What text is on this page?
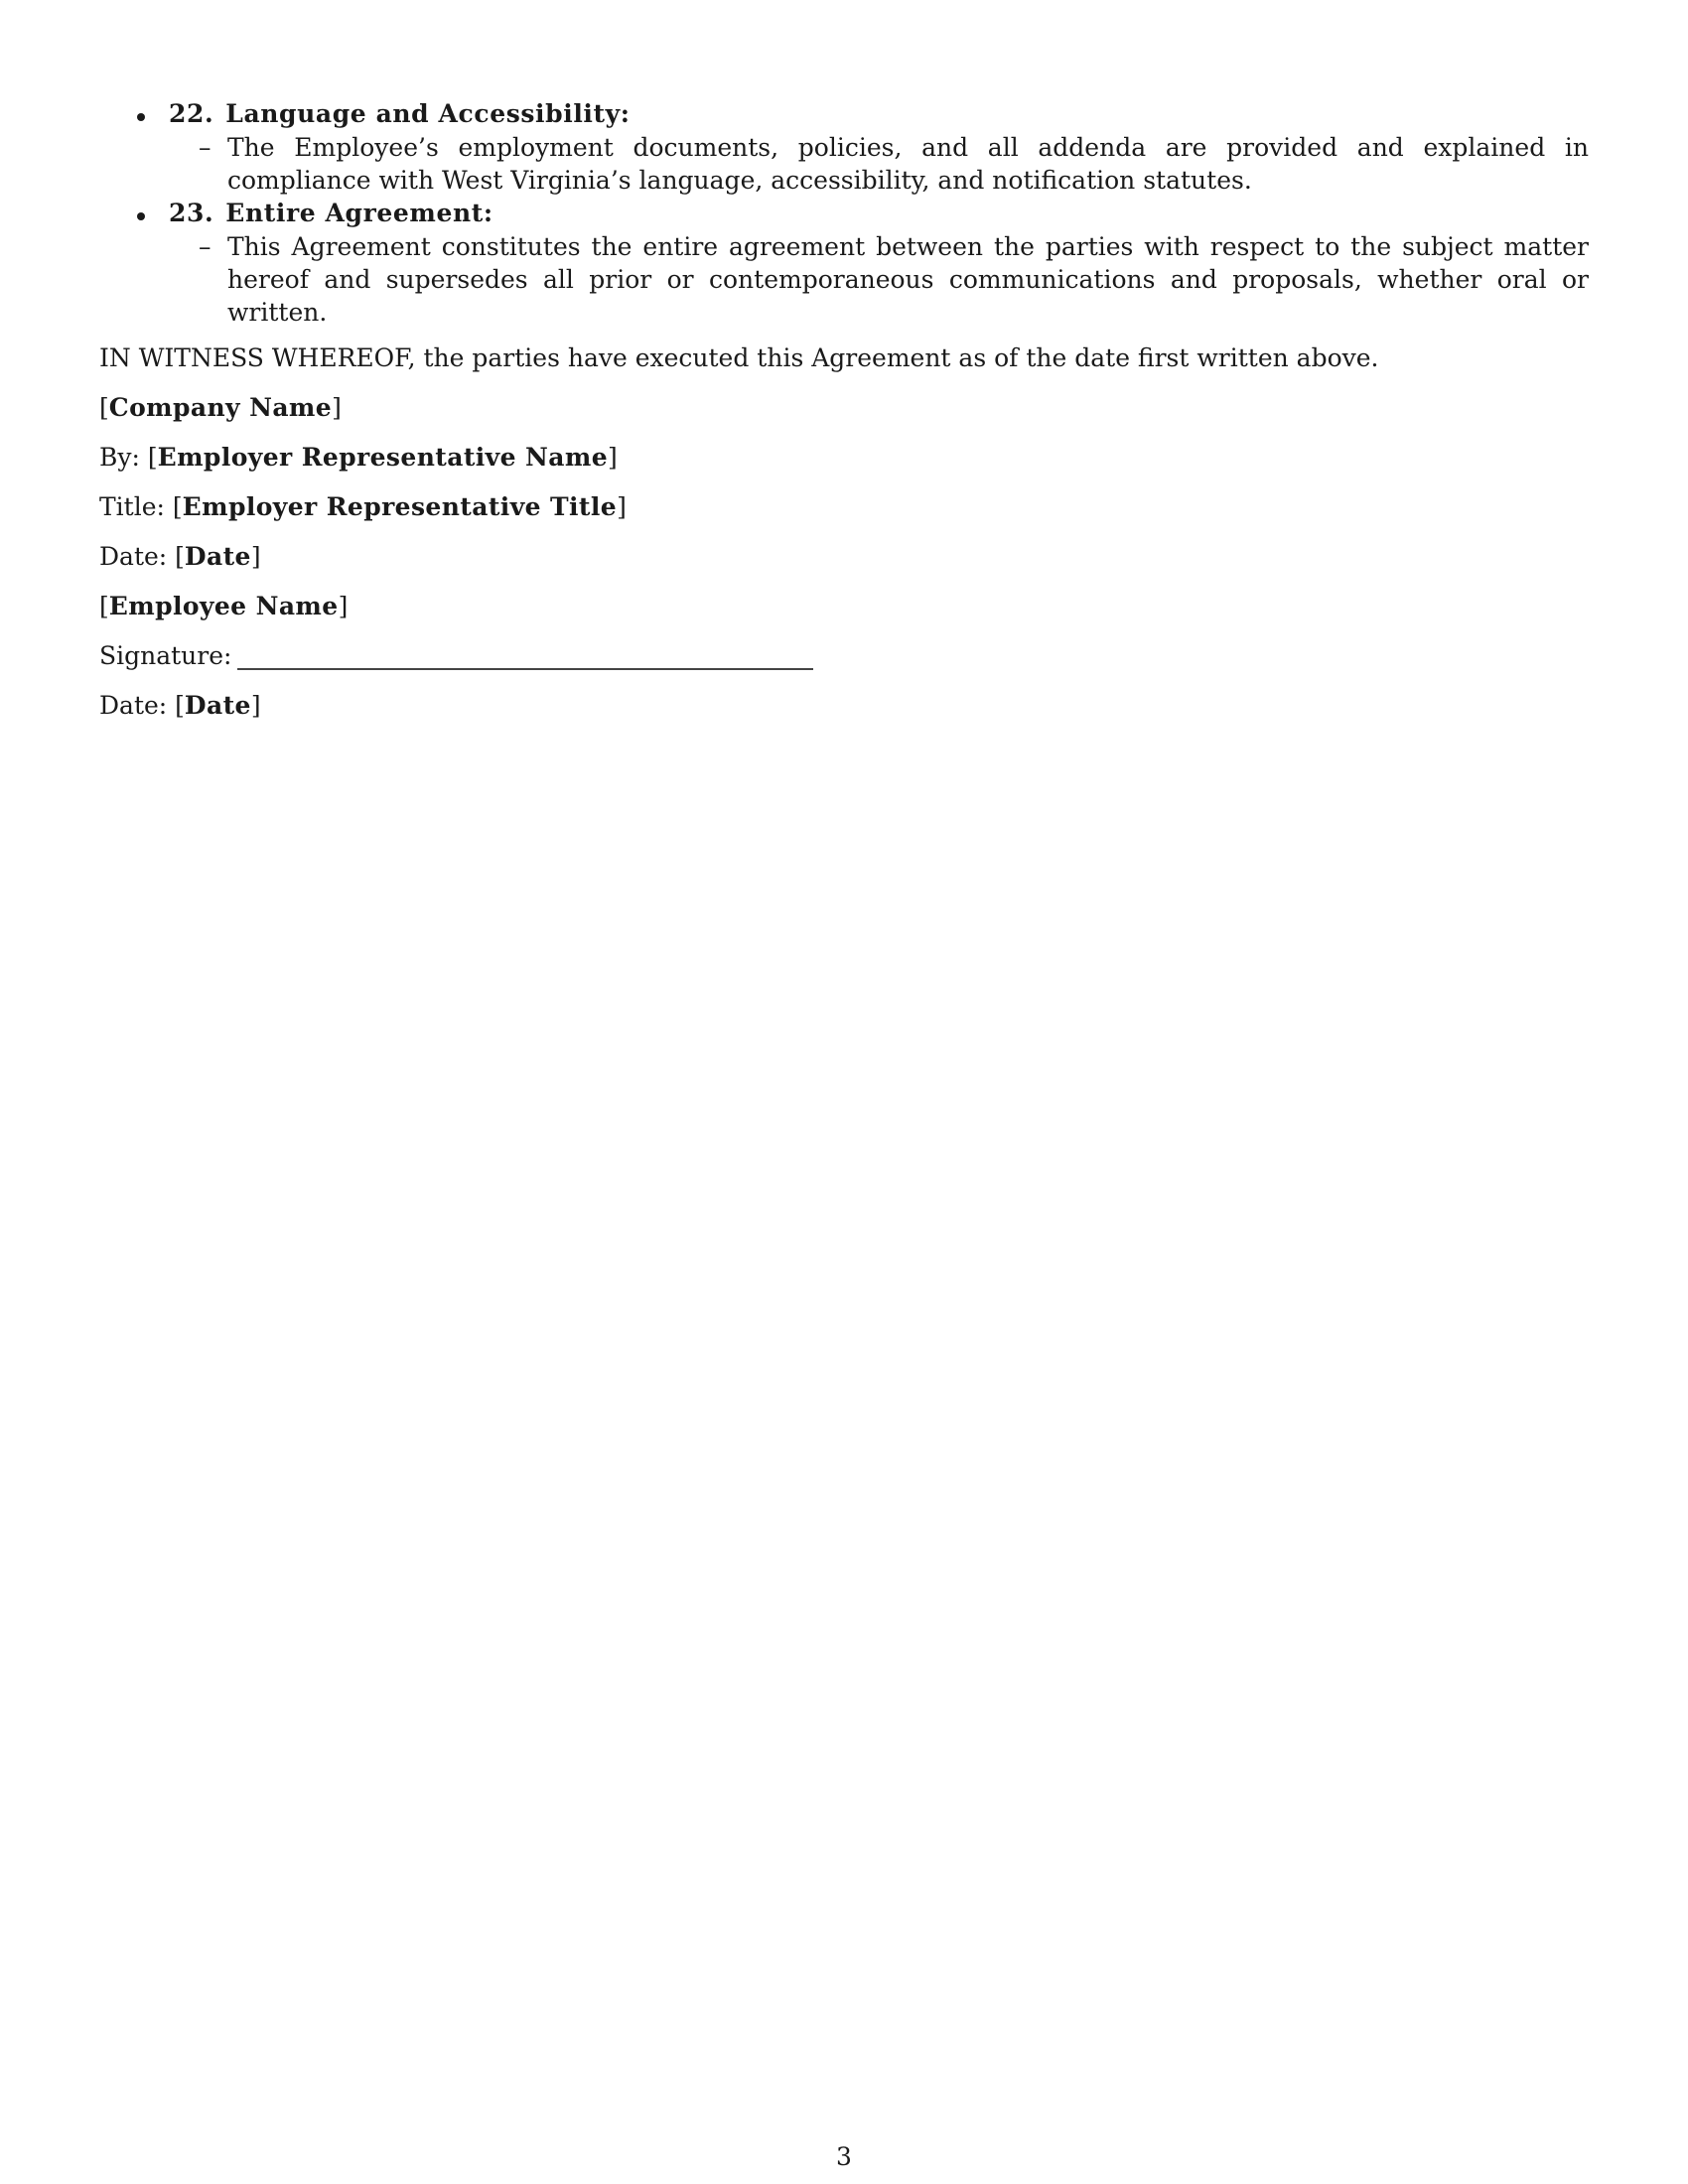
22. Language and Accessibility:
– The Employee’s employment documents, policies, and all addenda are provided and explained in compliance with West Virginia’s language, accessibility, and notification statutes.
23. Entire Agreement:
– This Agreement constitutes the entire agreement between the parties with respect to the subject matter hereof and supersedes all prior or contemporaneous communications and proposals, whether oral or written.
IN WITNESS WHEREOF, the parties have executed this Agreement as of the date first written above.
[Company Name]
By: [Employer Representative Name]
Title: [Employer Representative Title]
Date: [Date]
[Employee Name]
Signature:
Date: [Date]
3
